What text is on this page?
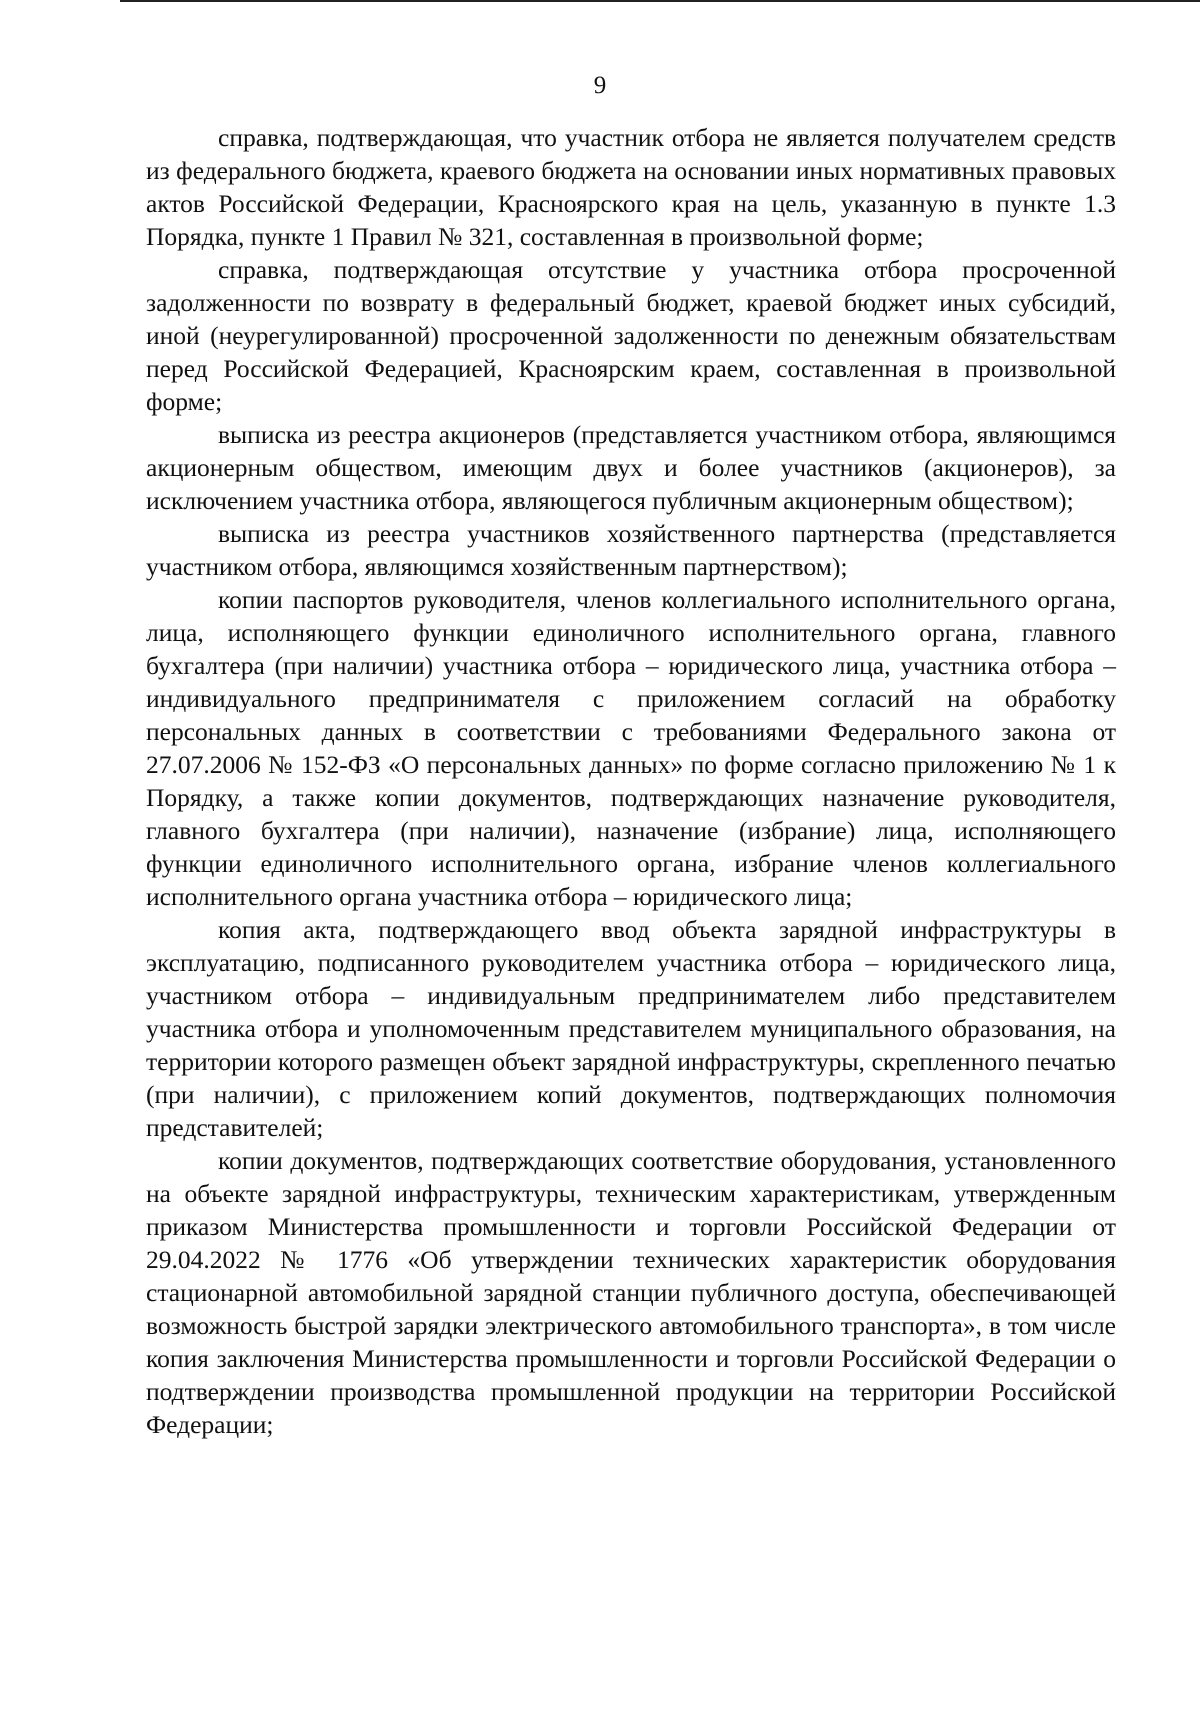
9

справка, подтверждающая, что участник отбора не является получателем средств из федерального бюджета, краевого бюджета на основании иных нормативных правовых актов Российской Федерации, Красноярского края на цель, указанную в пункте 1.3 Порядка, пункте 1 Правил № 321, составленная в произвольной форме;

справка, подтверждающая отсутствие у участника отбора просроченной задолженности по возврату в федеральный бюджет, краевой бюджет иных субсидий, иной (неурегулированной) просроченной задолженности по денежным обязательствам перед Российской Федерацией, Красноярским краем, составленная в произвольной форме;

выписка из реестра акционеров (представляется участником отбора, являющимся акционерным обществом, имеющим двух и более участников (акционеров), за исключением участника отбора, являющегося публичным акционерным обществом);

выписка из реестра участников хозяйственного партнерства (представляется участником отбора, являющимся хозяйственным партнерством);

копии паспортов руководителя, членов коллегиального исполнительного органа, лица, исполняющего функции единоличного исполнительного органа, главного бухгалтера (при наличии) участника отбора – юридического лица, участника отбора – индивидуального предпринимателя с приложением согласий на обработку персональных данных в соответствии с требованиями Федерального закона от 27.07.2006 № 152-ФЗ «О персональных данных» по форме согласно приложению № 1 к Порядку, а также копии документов, подтверждающих назначение руководителя, главного бухгалтера (при наличии), назначение (избрание) лица, исполняющего функции единоличного исполнительного органа, избрание членов коллегиального исполнительного органа участника отбора – юридического лица;

копия акта, подтверждающего ввод объекта зарядной инфраструктуры в эксплуатацию, подписанного руководителем участника отбора – юридического лица, участником отбора – индивидуальным предпринимателем либо представителем участника отбора и уполномоченным представителем муниципального образования, на территории которого размещен объект зарядной инфраструктуры, скрепленного печатью (при наличии), с приложением копий документов, подтверждающих полномочия представителей;

копии документов, подтверждающих соответствие оборудования, установленного на объекте зарядной инфраструктуры, техническим характеристикам, утвержденным приказом Министерства промышленности и торговли Российской Федерации от 29.04.2022 № 1776 «Об утверждении технических характеристик оборудования стационарной автомобильной зарядной станции публичного доступа, обеспечивающей возможность быстрой зарядки электрического автомобильного транспорта», в том числе копия заключения Министерства промышленности и торговли Российской Федерации о подтверждении производства промышленной продукции на территории Российской Федерации;
